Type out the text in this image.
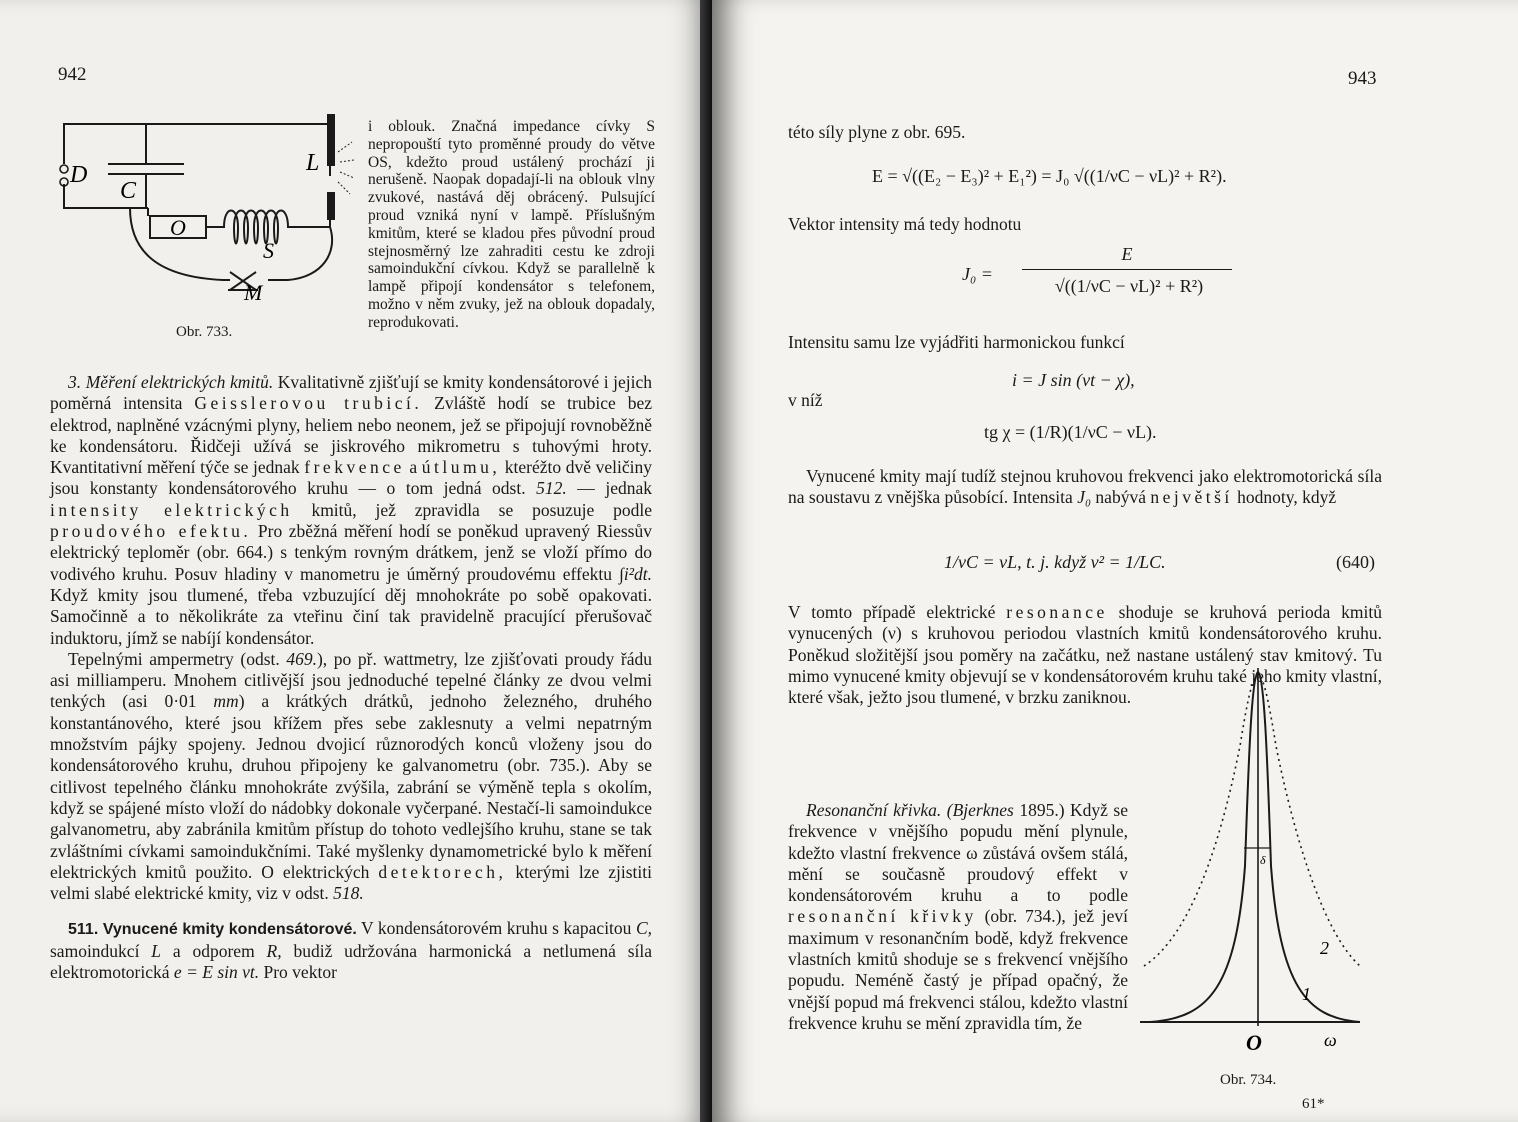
942
D
C
O
L
S
M
Obr. 733.

i oblouk. Značná impedance cívky S nepropouští tyto proměnné proudy do větve OS, kdežto proud ustálený prochází ji nerušeně. Naopak dopadají-li na oblouk vlny zvukové, nastává děj obrácený. Pulsující proud vzniká nyní v lampě. Příslušným kmitům, které se kladou přes původní proud stejnosměrný lze zahraditi cestu ke zdroji samoindukční cívkou. Když se parallelně k lampě připojí kondensátor s telefonem, možno v něm zvuky, jež na oblouk dopadaly, reprodukovati.

3. Měření elektrických kmitů. Kvalitativně zjišťují se kmity kondensátorové i jejich poměrná intensita Geisslerovou trubicí. Zvláště hodí se trubice bez elektrod, naplněné vzácnými plyny, heliem nebo neonem, jež se připojují rovnoběžně ke kondensátoru. Řidčeji užívá se jiskrového mikrometru s tuhovými hroty. Kvantitativní měření týče se jednak frekvence a útlumu, kteréžto dvě veličiny jsou konstanty kondensátorového kruhu — o tom jedná odst. 512. — jednak intensity elektrických kmitů, jež zpravidla se posuzuje podle proudového efektu. Pro zběžná měření hodí se poněkud upravený Riessův elektrický teploměr (obr. 664.) s tenkým rovným drátkem, jenž se vloží přímo do vodivého kruhu. Posuv hladiny v manometru je úměrný proudovému effektu ∫i²dt. Když kmity jsou tlumené, třeba vzbuzující děj mnohokráte po sobě opakovati. Samočinně a to několikráte za vteřinu činí tak pravidelně pracující přerušovač induktoru, jímž se nabíjí kondensátor.

Tepelnými ampermetry (odst. 469.), po př. wattmetry, lze zjišťovati proudy řádu asi milliamperu. Mnohem citlivější jsou jednoduché tepelné články ze dvou velmi tenkých (asi 0·01 mm) a krátkých drátků, jednoho železného, druhého konstantánového, které jsou křížem přes sebe zaklesnuty a velmi nepatrným množstvím pájky spojeny. Jednou dvojicí různorodých konců vloženy jsou do kondensátorového kruhu, druhou připojeny ke galvanometru (obr. 735.). Aby se citlivost tepelného článku mnohokráte zvýšila, zabrání se výměně tepla s okolím, když se spájené místo vloží do nádobky dokonale vyčerpané. Nestačí-li samoindukce galvanometru, aby zabránila kmitům přístup do tohoto vedlejšího kruhu, stane se tak zvláštními cívkami samoindukčními. Také myšlenky dynamometrické bylo k měření elektrických kmitů použito. O elektrických detektorech, kterými lze zjistiti velmi slabé elektrické kmity, viz v odst. 518.

511. Vynucené kmity kondensátorové. V kondensátorovém kruhu s kapacitou C, samoindukcí L a odporem R, budiž udržována harmonická a netlumená síla elektromotorická e = E sin νt. Pro vektor

943

této síly plyne z obr. 695.

E = √((E₂ − E₃)² + E₁²) = J₀ √((1/νC − νL)² + R²).

Vektor intensity má tedy hodnotu

J₀ =
E
√((1/νC − νL)² + R²)

Intensitu samu lze vyjádřiti harmonickou funkcí

i = J sin (νt − χ),

v níž

tg χ = (1/R)(1/νC − νL).

Vynucené kmity mají tudíž stejnou kruhovou frekvenci jako elektromotorická síla na soustavu z vnějška působící. Intensita J₀ nabývá největší hodnoty, když

1/νC = νL, t. j. když ν² = 1/LC.	(640)

V tomto případě elektrické resonance shoduje se kruhová perioda kmitů vynucených (ν) s kruhovou periodou vlastních kmitů kondensátorového kruhu. Poněkud složitější jsou poměry na začátku, než nastane ustálený stav kmitový. Tu mimo vynucené kmity objevují se v kondensátorovém kruhu také jeho kmity vlastní, které však, ježto jsou tlumené, v brzku zaniknou.

Resonanční křivka. (Bjerknes 1895.) Když se frekvence ν vnějšího popudu mění plynule, kdežto vlastní frekvence ω zůstává ovšem stálá, mění se současně proudový effekt v kondensátorovém kruhu a to podle resonanční křivky (obr. 734.), jež jeví maximum v resonančním bodě, když frekvence vlastních kmitů shoduje se s frekvencí vnějšího popudu. Neméně častý je případ opačný, že vnější popud má frekvenci stálou, kdežto vlastní frekvence kruhu se mění zpravidla tím, že

O	ω
1
2
δ
Obr. 734.
61*
